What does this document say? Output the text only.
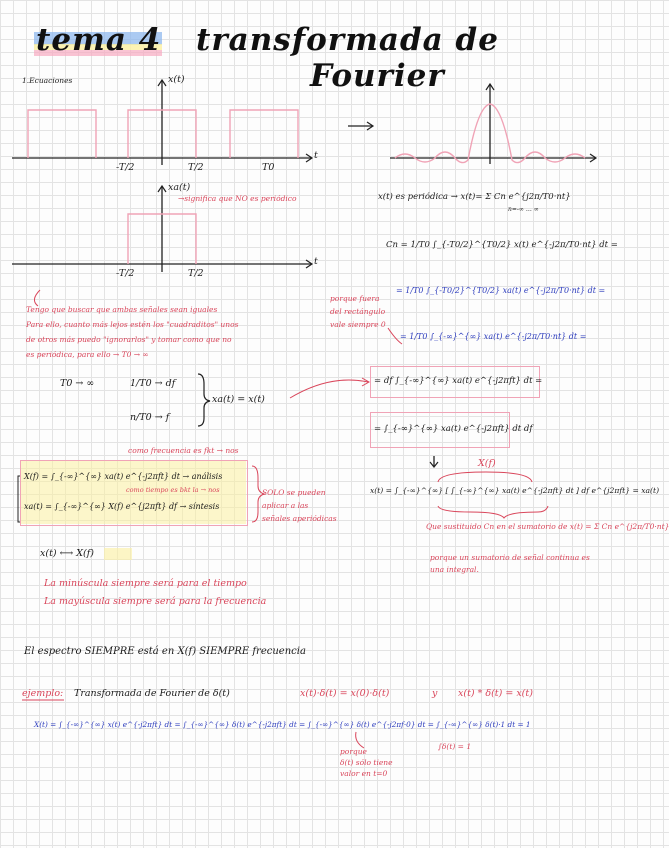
tema 4 transformada de
Fourier
1.Ecuaciones	x(t)
t
-T/2	T/2	T0
xa(t)
t
-T/2	T/2
→significa que NO es periódico	x(t) es periódica → x(t)= Σ Cn e^{j2π/T0·nt}
n=-∞ … ∞
Cn = 1/T0 ∫_{-T0/2}^{T0/2} x(t) e^{-j2π/T0·nt} dt =
porque fuera del rectángulo vale siempre 0
= 1/T0 ∫_{-T0/2}^{T0/2} xa(t) e^{-j2π/T0·nt} dt =
= 1/T0 ∫_{-∞}^{∞} xa(t) e^{-j2π/T0·nt} dt =
= df ∫_{-∞}^{∞} xa(t) e^{-j2πft} dt =
= ∫_{-∞}^{∞} xa(t) e^{-j2πft} dt df
X(f)
x(t) = ∫_{-∞}^{∞} [ ∫_{-∞}^{∞} xa(t) e^{-j2πft} dt ] df e^{j2πft} = xa(t)
Que sustituido Cn en el sumatorio de x(t) = Σ Cn e^{j2π/T0·nt}
porque un sumatorio de señal continua es una integral.
Tengo que buscar que ambas señales sean iguales
Para ello, cuanto más lejos estén los "cuadraditos" unos
de otros más puedo "ignorarlos" y tomar como que no
es periódica, para ello → T0 → ∞
T0 → ∞	1/T0 → df
n/T0 → f
xa(t) = x(t)
como frecuencia es fkt → nos
X(f) = ∫_{-∞}^{∞} xa(t) e^{-j2πft} dt → análisis
como tiempo es bkt la → nos
xa(t) = ∫_{-∞}^{∞} X(f) e^{j2πft} df → síntesis
SOLO se pueden
aplicar a las
señales aperiódicas
x(t) ⟷ X(f)
La minúscula siempre será para el tiempo
La mayúscula siempre será para la frecuencia
El espectro SIEMPRE está en X(f) SIEMPRE frecuencia
ejemplo: Transformada de Fourier de δ(t)	x(t)·δ(t) = x(0)·δ(t)	y x(t) * δ(t) = x(t)
X(t) = ∫_{-∞}^{∞} x(t) e^{-j2πft} dt = ∫_{-∞}^{∞} δ(t) e^{-j2πft} dt = ∫_{-∞}^{∞} δ(t) e^{-j2πf·0} dt = ∫_{-∞}^{∞} δ(t)·1 dt = 1
porque
δ(t) sólo tiene
valor en t=0
∫δ(t) = 1
